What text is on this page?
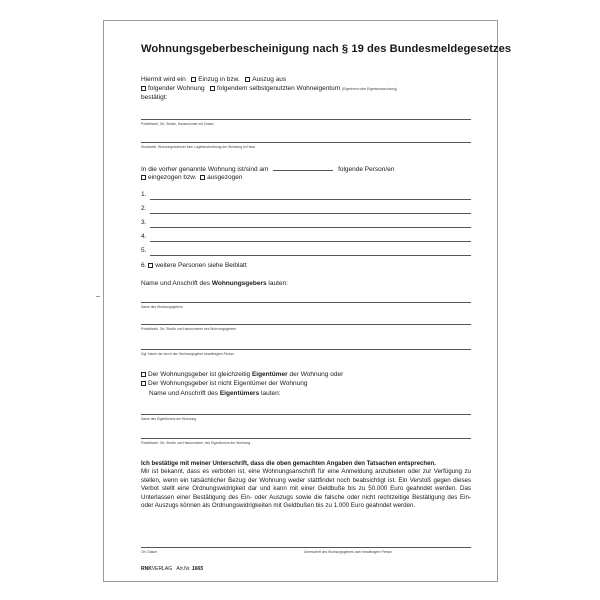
Wohnungsgeberbescheinigung nach § 19 des Bundesmeldegesetzes
Hiermit wird ein Einzug in bzw. Auszug aus
folgender Wohnung folgendem selbstgenutzten Wohneigentum (Eigenheim oder Eigentumswohnung)
bestätigt:
Postleitzahl, Ort, Straße, Hausnummer mit Zusatz
Stockwerk, Wohnungsnummer bzw. Lagebeschreibung der Wohnung im Haus
In die vorher genannte Wohnung ist/sind am	folgende Person/en
eingezogen bzw. ausgezogen
1.
2.
3.
4.
5.
6. weitere Personen siehe Beiblatt
Name und Anschrift des Wohnungsgebers lauten:
Name des Wohnungsgebers
Postleitzahl, Ort, Straße und Hausnummer des Wohnungsgebers
Ggf. Name der durch den Wohnungsgeber beauftragten Person
Der Wohnungsgeber ist gleichzeitig Eigentümer der Wohnung oder
Der Wohnungsgeber ist nicht Eigentümer der Wohnung
Name und Anschrift des Eigentümers lauten:
Name des Eigentümers der Wohnung
Postleitzahl, Ort, Straße und Hausnummer, des Eigentümers der Wohnung
Ich bestätige mit meiner Unterschrift, dass die oben gemachten Angaben den Tatsachen entsprechen.
Mir ist bekannt, dass es verboten ist, eine Wohnungsanschrift für eine Anmeldung anzubieten oder zur Verfügung zu stellen, wenn ein tatsächlicher Bezug der Wohnung weder stattfindet noch beabsichtigt ist. Ein Verstoß gegen dieses Verbot stellt eine Ordnungswidrigkeit dar und kann mit einer Geldbuße bis zu 50.000 Euro geahndet werden. Das Unterlassen einer Bestätigung des Ein- oder Auszugs sowie die falsche oder nicht rechtzeitige Bestätigung des Ein- oder Auszugs können als Ordnungswidrigkeiten mit Geldbußen bis zu 1.000 Euro geahndet werden.
Ort, Datum	Unterschrift des Wohnungsgebers oder beauftragten Person
RNKVERLAG Art.Nr. 1665
